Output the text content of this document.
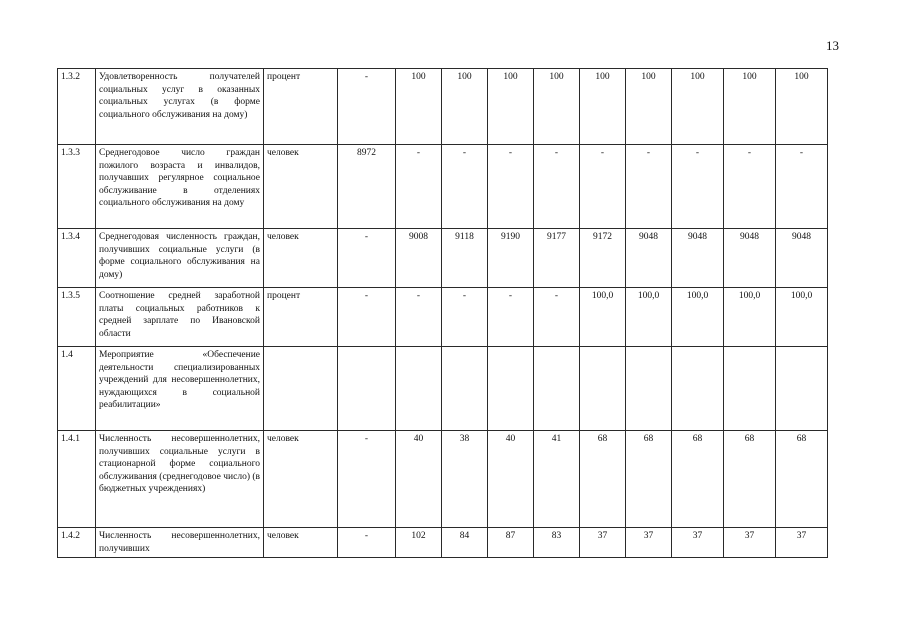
13
1.3.2	Удовлетворенность получателей социальных услуг в оказанных социальных услугах (в форме социального обслуживания на дому)	процент	-	100	100	100	100	100	100	100	100	100
1.3.3	Среднегодовое число граждан пожилого возраста и инвалидов, получавших регулярное социальное обслуживание в отделениях социального обслуживания на дому	человек	8972	-	-	-	-	-	-	-	-	-
1.3.4	Среднегодовая численность граждан, получивших социальные услуги (в форме социального обслуживания на дому)	человек	-	9008	9118	9190	9177	9172	9048	9048	9048	9048
1.3.5	Соотношение средней заработной платы социальных работников к средней зарплате по Ивановской области	процент	-	-	-	-	-	100,0	100,0	100,0	100,0	100,0
1.4	Мероприятие «Обеспечение деятельности специализированных учреждений для несовершеннолетних, нуждающихся в социальной реабилитации»											
1.4.1	Численность несовершеннолетних, получивших социальные услуги в стационарной форме социального обслуживания (среднегодовое число) (в бюджетных учреждениях)	человек	-	40	38	40	41	68	68	68	68	68
1.4.2	Численность несовершеннолетних, получивших	человек	-	102	84	87	83	37	37	37	37	37
